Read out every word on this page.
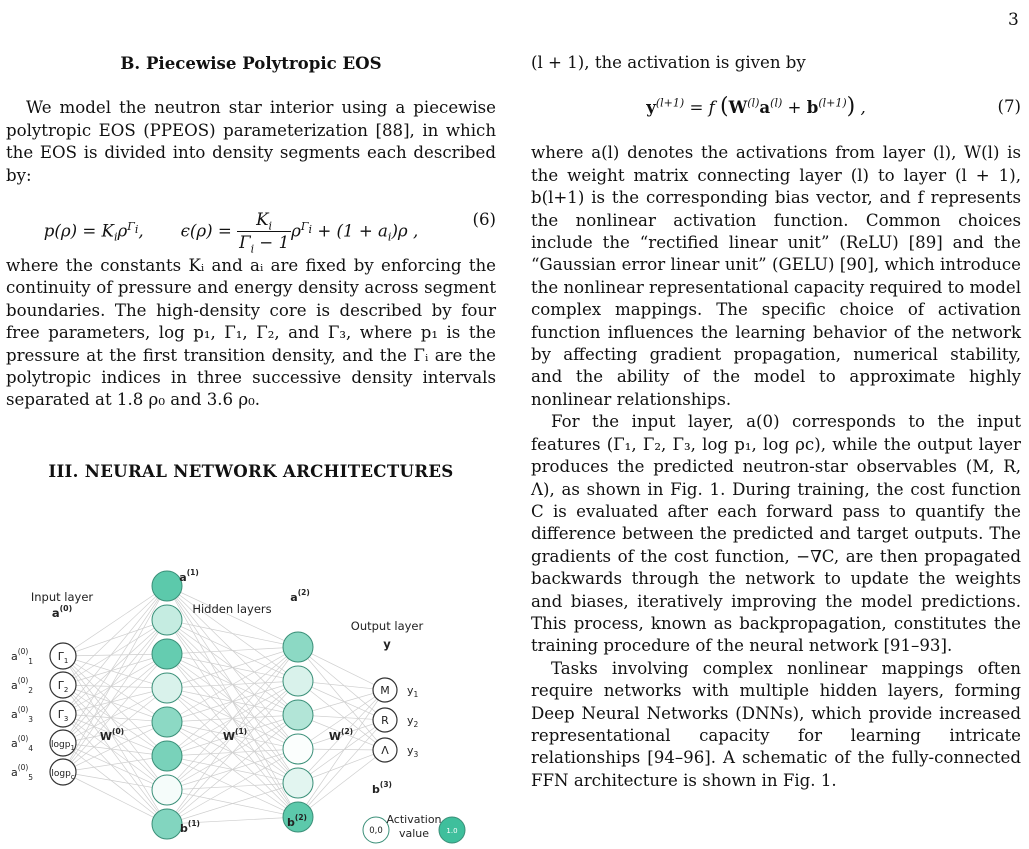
3
B. Piecewise Polytropic EOS

We model the neutron star interior using a piecewise polytropic EOS (PPEOS) parameterization [88], in which the EOS is divided into density segments each described by:

$p(\rho) = K_i\rho^{\Gamma_i}$,       $\epsilon(\rho) = \frac{K_i}{\Gamma_i - 1} \rho^{\Gamma_i} + (1 + a_i)\rho$ ,
(6)

where the constants Kᵢ and aᵢ are fixed by enforcing the continuity of pressure and energy density across segment boundaries. The high-density core is described by four free parameters, log p₁, Γ₁, Γ₂, and Γ₃, where p₁ is the pressure at the first transition density, and the Γᵢ are the polytropic indices in three successive density intervals separated at 1.8 ρ₀ and 3.6 ρ₀.

III. NEURAL NETWORK ARCHITECTURES

(l + 1), the activation is given by

$y^{(l+1)} = f$ $(W^{(l)}a^{(l)} + b^{(l+1)})$ ,	(7)

where a(l) denotes the activations from layer (l), W(l) is the weight matrix connecting layer (l) to layer (l + 1), b(l+1) is the corresponding bias vector, and f represents the nonlinear activation function. Common choices include the “rectified linear unit” (ReLU) [89] and the “Gaussian error linear unit” (GELU) [90], which introduce the nonlinear representational capacity required to model complex mappings. The specific choice of activation function influences the learning behavior of the network by affecting gradient propagation, numerical stability, and the ability of the model to approximate highly nonlinear relationships.

For the input layer, a(0) corresponds to the input features (Γ₁, Γ₂, Γ₃, log p₁, log ρc), while the output layer produces the predicted neutron-star observables (M, R, Λ), as shown in Fig. 1. During training, the cost function C is evaluated after each forward pass to quantify the difference between the predicted and target outputs. The gradients of the cost function, −∇C, are then propagated backwards through the network to update the weights and biases, iteratively improving the model predictions. This process, known as backpropagation, constitutes the training procedure of the neural network [91–93].

Tasks involving complex nonlinear mappings often require networks with multiple hidden layers, forming Deep Neural Networks (DNNs), which provide increased representational capacity for learning intricate relationships [94–96]. A schematic of the fully-connected FFN architecture is shown in Fig. 1.

$\Gamma_1$
$a^{(0)}_1$
$\Gamma_2$
$a^{(0)}_2$
$\Gamma_3$
$a^{(0)}_3$
logp$_1$
$a^{(0)}_4$
logp$_c$
$a^{(0)}_5$
M $y_1$
R $y_2$
Λ $y_3$
Input layer
$a^{(0)}$	Hidden layers
Output layer
y
$a^{(1)}$
$a^{(2)}$
$W^{(0)}$	$W^{(1)}$	$W^{(2)}$
$b^{(1)}$	$b^{(2)}$
$b^{(3)}$
0,0	1.0
Activation
value
